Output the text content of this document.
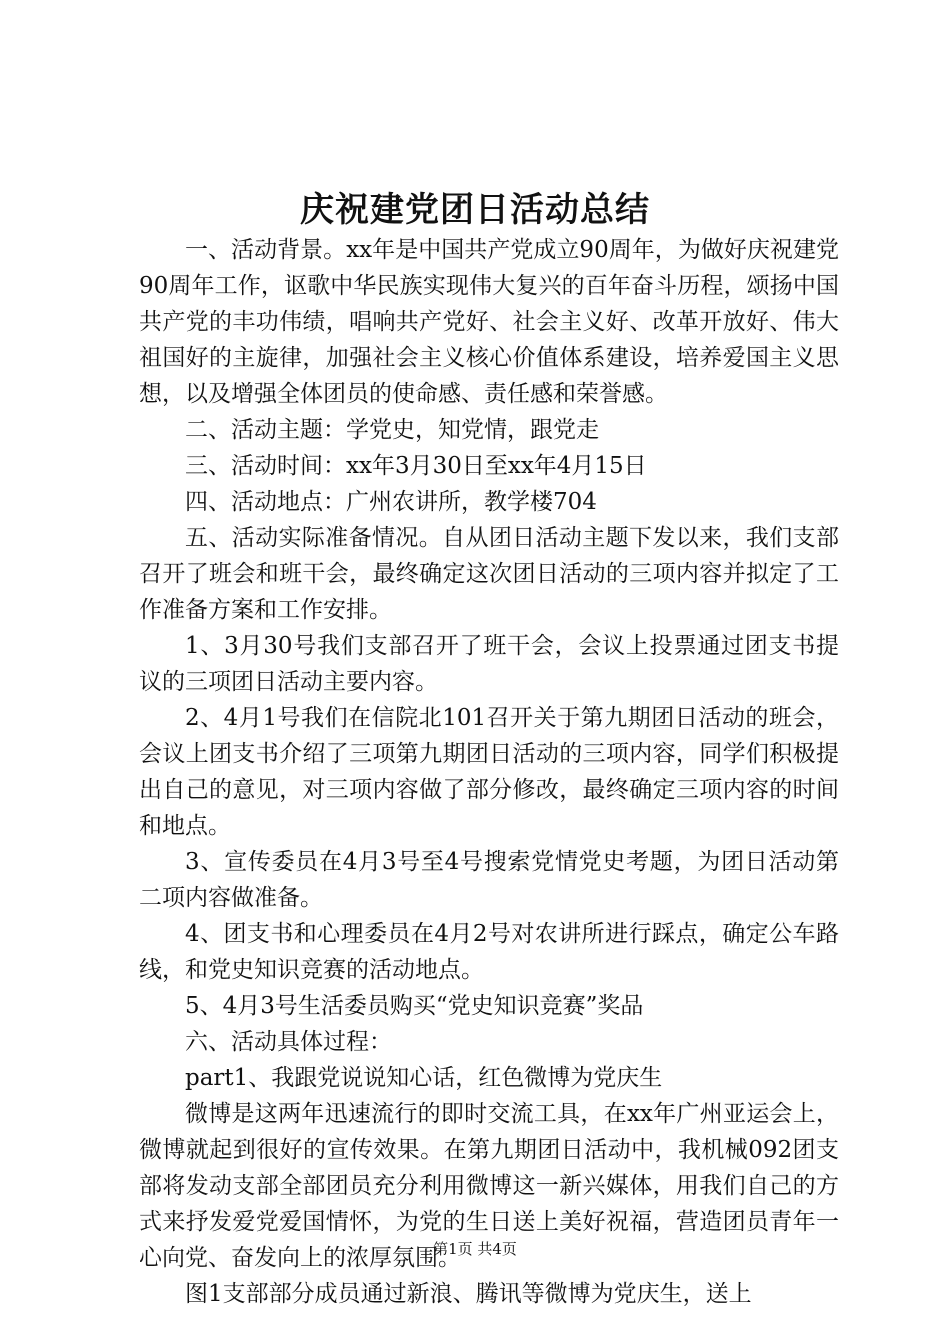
庆祝建党团日活动总结

一、活动背景。xx年是中国共产党成立90周年，为做好庆祝建党90周年工作，讴歌中华民族实现伟大复兴的百年奋斗历程，颂扬中国共产党的丰功伟绩，唱响共产党好、社会主义好、改革开放好、伟大祖国好的主旋律，加强社会主义核心价值体系建设，培养爱国主义思想，以及增强全体团员的使命感、责任感和荣誉感。

二、活动主题：学党史，知党情，跟党走

三、活动时间：xx年3月30日至xx年4月15日

四、活动地点：广州农讲所，教学楼704

五、活动实际准备情况。自从团日活动主题下发以来，我们支部召开了班会和班干会，最终确定这次团日活动的三项内容并拟定了工作准备方案和工作安排。

1、3月30号我们支部召开了班干会，会议上投票通过团支书提议的三项团日活动主要内容。

2、4月1号我们在信院北101召开关于第九期团日活动的班会，会议上团支书介绍了三项第九期团日活动的三项内容，同学们积极提出自己的意见，对三项内容做了部分修改，最终确定三项内容的时间和地点。

3、宣传委员在4月3号至4号搜索党情党史考题，为团日活动第二项内容做准备。

4、团支书和心理委员在4月2号对农讲所进行踩点，确定公车路线，和党史知识竞赛的活动地点。

5、4月3号生活委员购买“党史知识竞赛”奖品

六、活动具体过程：

part1、我跟党说说知心话，红色微博为党庆生

微博是这两年迅速流行的即时交流工具，在xx年广州亚运会上，微博就起到很好的宣传效果。在第九期团日活动中，我机械092团支部将发动支部全部团员充分利用微博这一新兴媒体，用我们自己的方式来抒发爱党爱国情怀，为党的生日送上美好祝福，营造团员青年一心向党、奋发向上的浓厚氛围。

图1支部部分成员通过新浪、腾讯等微博为党庆生，送上

第1页 共4页
